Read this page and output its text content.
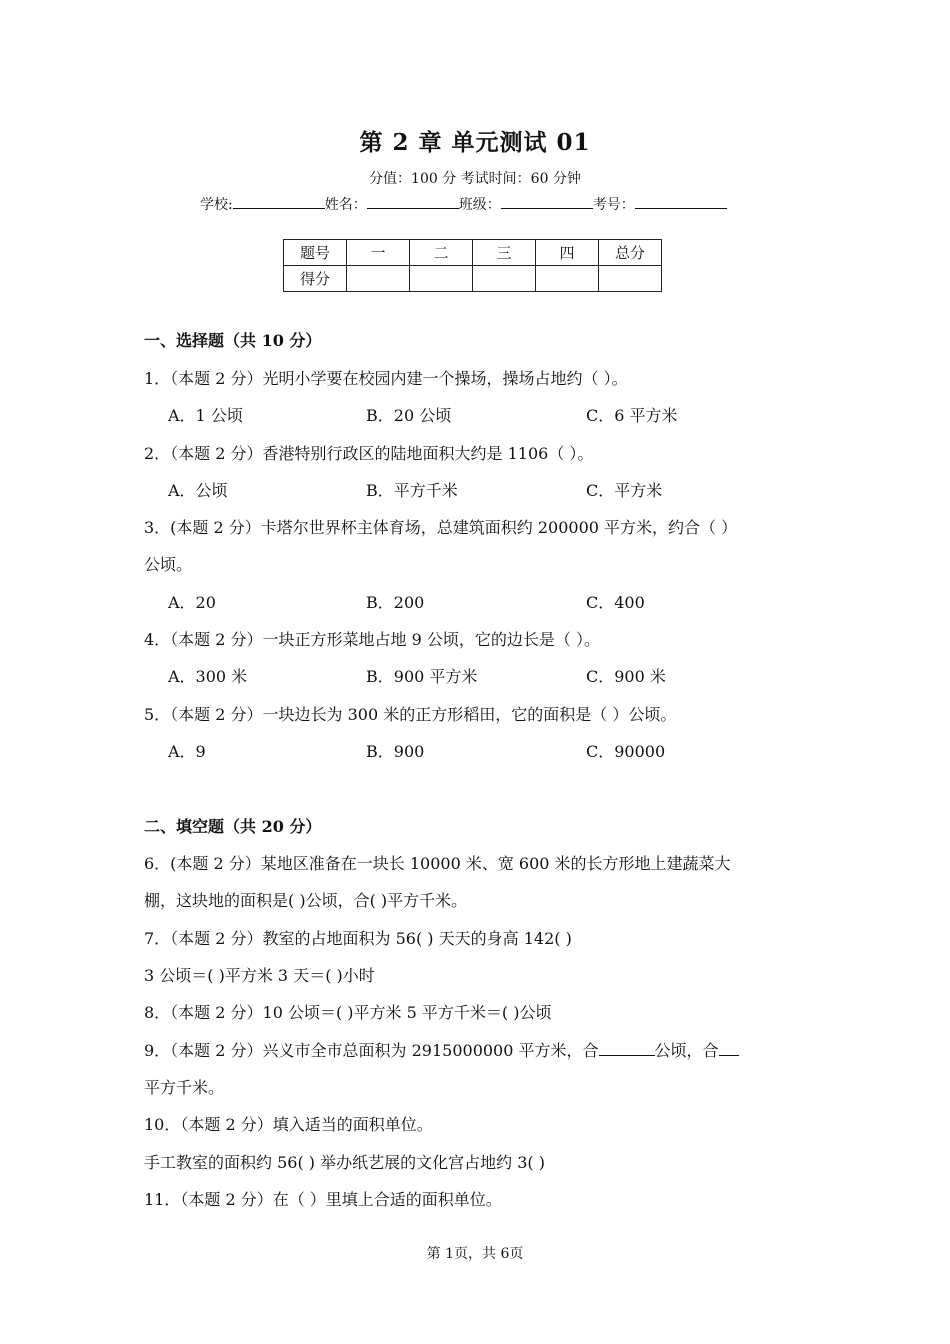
第 2 章 单元测试 01
分值：100 分 考试时间：60 分钟
学校:	姓名：	班级：	考号：
题号	一	二	三	四	总分
得分					
一、选择题（共 10 分）
1．（本题 2 分）光明小学要在校园内建一个操场，操场占地约（ ）。
A．1 公顷	B．20 公顷	C．6 平方米
2．（本题 2 分）香港特别行政区的陆地面积大约是 1106（ ）。
A．公顷	B．平方千米	C．平方米
3．(本题 2 分）卡塔尔世界杯主体育场，总建筑面积约 200000 平方米，约合（ ）
公顷。
A．20	B．200	C．400
4．（本题 2 分）一块正方形菜地占地 9 公顷，它的边长是（ ）。
A．300 米	B．900 平方米	C．900 米
5．（本题 2 分）一块边长为 300 米的正方形稻田，它的面积是（ ）公顷。
A．9	B．900	C．90000
二、填空题（共 20 分）
6．(本题 2 分）某地区准备在一块长 10000 米、宽 600 米的长方形地上建蔬菜大
棚，这块地的面积是( )公顷，合( )平方千米。
7．（本题 2 分）教室的占地面积为 56( ) 天天的身高 142( )
3 公顷＝( )平方米 3 天＝( )小时
8．（本题 2 分）10 公顷＝( )平方米 5 平方千米＝( )公顷
9．（本题 2 分）兴义市全市总面积为 2915000000 平方米，合	公顷，合
平方千米。
10．（本题 2 分）填入适当的面积单位。
手工教室的面积约 56( ) 举办纸艺展的文化宫占地约 3( )
11．（本题 2 分）在（ ）里填上合适的面积单位。
第 1页，共 6页
